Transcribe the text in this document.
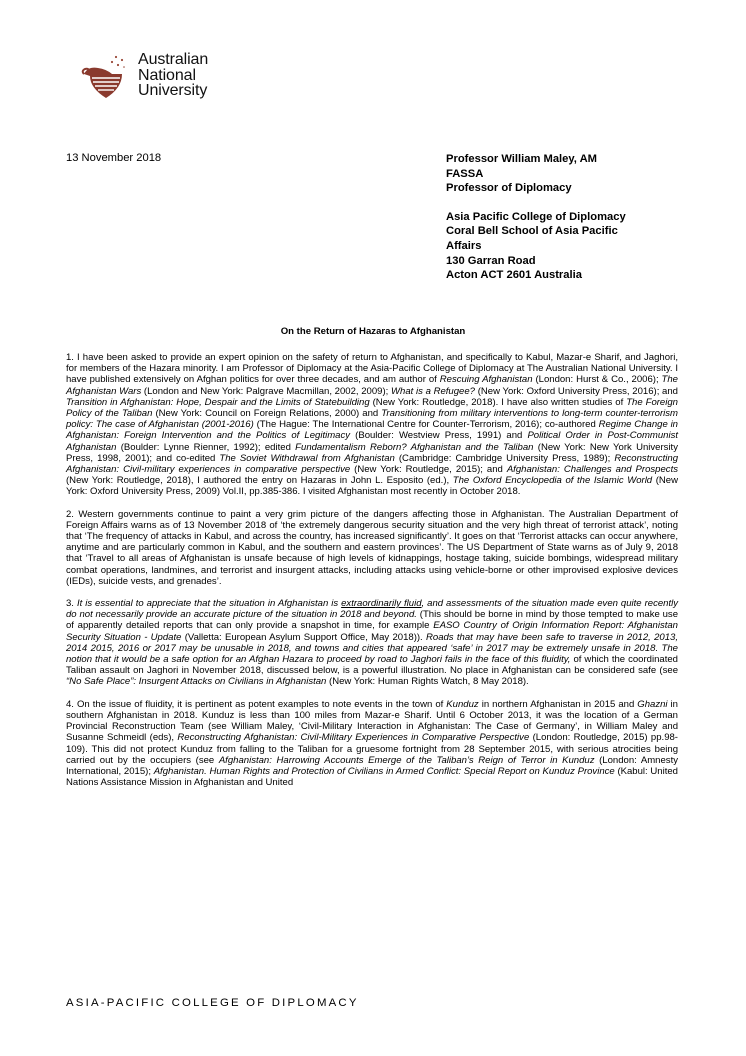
Australian
National
University
13 November 2018	Professor William Maley, AM
FASSA
Professor of Diplomacy
Asia Pacific College of Diplomacy
Coral Bell School of Asia Pacific
Affairs
130 Garran Road
Acton ACT 2601 Australia
On the Return of Hazaras to Afghanistan

1. I have been asked to provide an expert opinion on the safety of return to Afghanistan, and specifically to Kabul, Mazar-e Sharif, and Jaghori, for members of the Hazara minority. I am Professor of Diplomacy at the Asia-Pacific College of Diplomacy at The Australian National University. I have published extensively on Afghan politics for over three decades, and am author of Rescuing Afghanistan (London: Hurst & Co., 2006); The Afghanistan Wars (London and New York: Palgrave Macmillan, 2002, 2009); What is a Refugee? (New York: Oxford University Press, 2016); and Transition in Afghanistan: Hope, Despair and the Limits of Statebuilding (New York: Routledge, 2018). I have also written studies of The Foreign Policy of the Taliban (New York: Council on Foreign Relations, 2000) and Transitioning from military interventions to long-term counter-terrorism policy: The case of Afghanistan (2001-2016) (The Hague: The International Centre for Counter-Terrorism, 2016); co-authored Regime Change in Afghanistan: Foreign Intervention and the Politics of Legitimacy (Boulder: Westview Press, 1991) and Political Order in Post-Communist Afghanistan (Boulder: Lynne Rienner, 1992); edited Fundamentalism Reborn? Afghanistan and the Taliban (New York: New York University Press, 1998, 2001); and co-edited The Soviet Withdrawal from Afghanistan (Cambridge: Cambridge University Press, 1989); Reconstructing Afghanistan: Civil-military experiences in comparative perspective (New York: Routledge, 2015); and Afghanistan: Challenges and Prospects (New York: Routledge, 2018), I authored the entry on Hazaras in John L. Esposito (ed.), The Oxford Encyclopedia of the Islamic World (New York: Oxford University Press, 2009) Vol.II, pp.385-386. I visited Afghanistan most recently in October 2018.

2. Western governments continue to paint a very grim picture of the dangers affecting those in Afghanistan. The Australian Department of Foreign Affairs warns as of 13 November 2018 of ‘the extremely dangerous security situation and the very high threat of terrorist attack’, noting that ‘The frequency of attacks in Kabul, and across the country, has increased significantly’. It goes on that ‘Terrorist attacks can occur anywhere, anytime and are particularly common in Kabul, and the southern and eastern provinces’. The US Department of State warns as of July 9, 2018 that ‘Travel to all areas of Afghanistan is unsafe because of high levels of kidnappings, hostage taking, suicide bombings, widespread military combat operations, landmines, and terrorist and insurgent attacks, including attacks using vehicle-borne or other improvised explosive devices (IEDs), suicide vests, and grenades’.

3. It is essential to appreciate that the situation in Afghanistan is extraordinarily fluid, and assessments of the situation made even quite recently do not necessarily provide an accurate picture of the situation in 2018 and beyond. (This should be borne in mind by those tempted to make use of apparently detailed reports that can only provide a snapshot in time, for example EASO Country of Origin Information Report: Afghanistan Security Situation - Update (Valletta: European Asylum Support Office, May 2018)). Roads that may have been safe to traverse in 2012, 2013, 2014 2015, 2016 or 2017 may be unusable in 2018, and towns and cities that appeared ‘safe’ in 2017 may be extremely unsafe in 2018. The notion that it would be a safe option for an Afghan Hazara to proceed by road to Jaghori fails in the face of this fluidity, of which the coordinated Taliban assault on Jaghori in November 2018, discussed below, is a powerful illustration. No place in Afghanistan can be considered safe (see “No Safe Place”: Insurgent Attacks on Civilians in Afghanistan (New York: Human Rights Watch, 8 May 2018).

4. On the issue of fluidity, it is pertinent as potent examples to note events in the town of Kunduz in northern Afghanistan in 2015 and Ghazni in southern Afghanistan in 2018. Kunduz is less than 100 miles from Mazar-e Sharif. Until 6 October 2013, it was the location of a German Provincial Reconstruction Team (see William Maley, ‘Civil-Military Interaction in Afghanistan: The Case of Germany’, in William Maley and Susanne Schmeidl (eds), Reconstructing Afghanistan: Civil-Military Experiences in Comparative Perspective (London: Routledge, 2015) pp.98-109). This did not protect Kunduz from falling to the Taliban for a gruesome fortnight from 28 September 2015, with serious atrocities being carried out by the occupiers (see Afghanistan: Harrowing Accounts Emerge of the Taliban’s Reign of Terror in Kunduz (London: Amnesty International, 2015); Afghanistan. Human Rights and Protection of Civilians in Armed Conflict: Special Report on Kunduz Province (Kabul: United Nations Assistance Mission in Afghanistan and United

ASIA-PACIFIC COLLEGE OF DIPLOMACY
